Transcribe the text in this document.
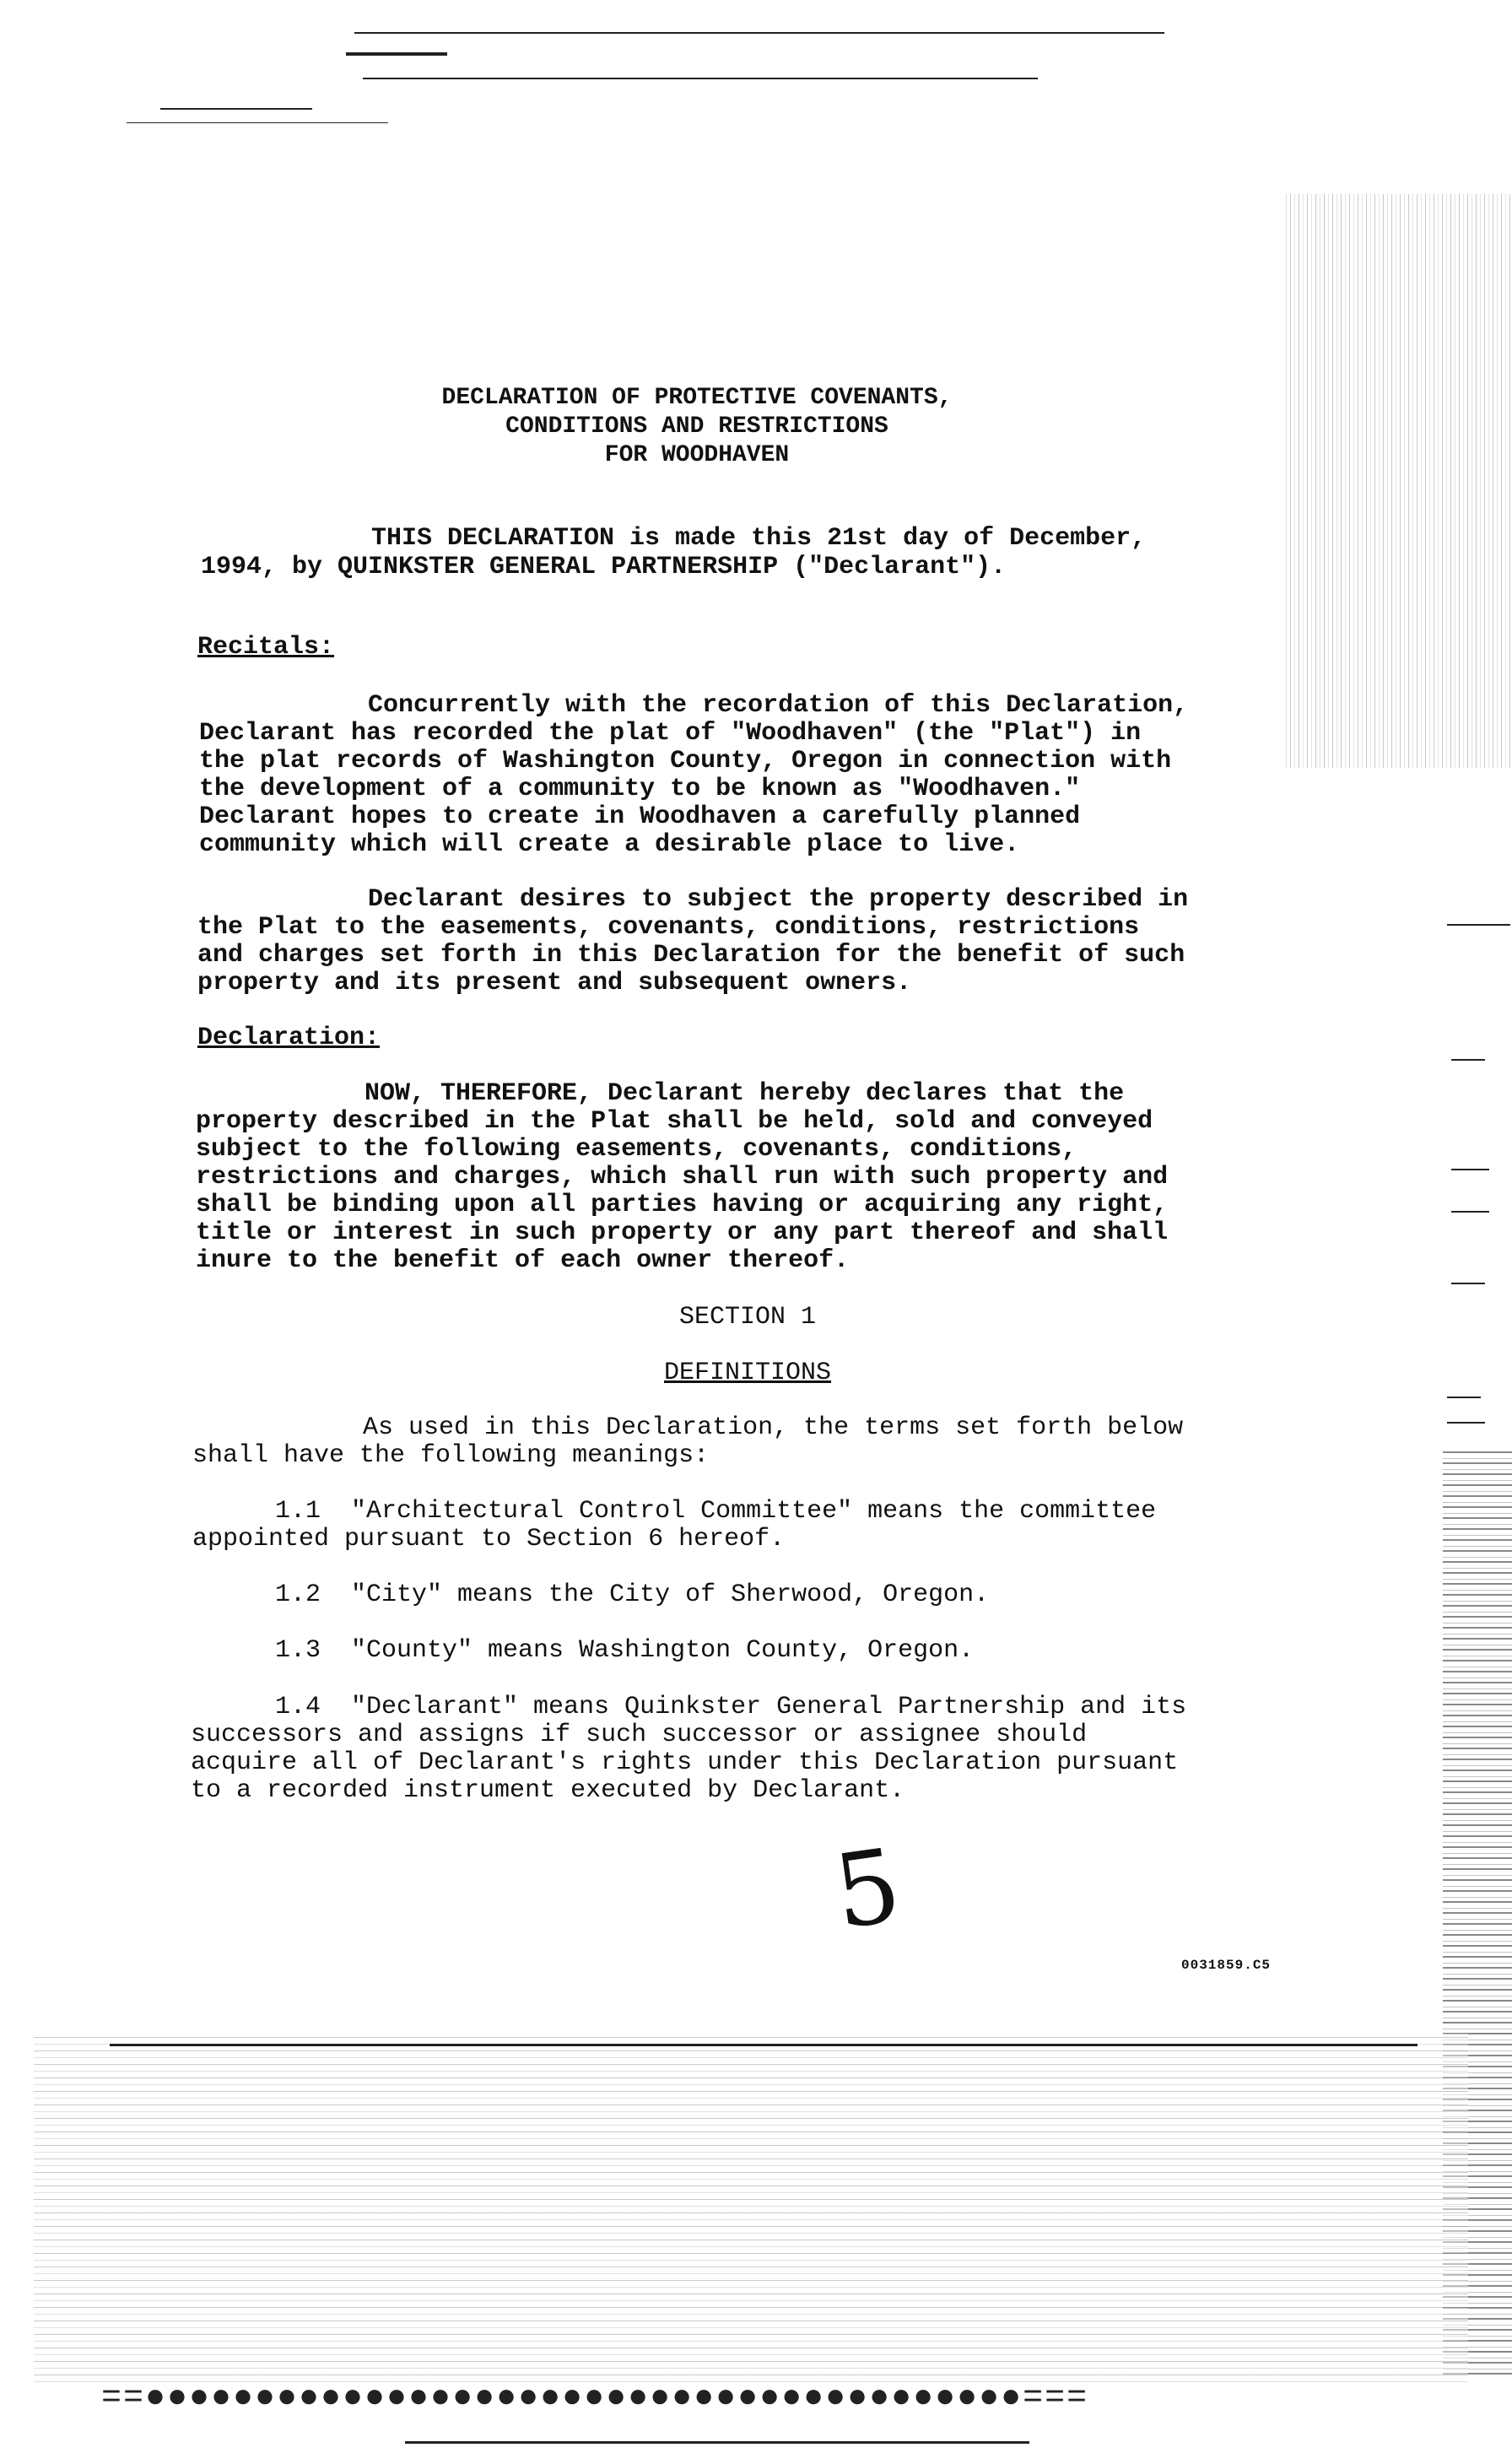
DECLARATION OF PROTECTIVE COVENANTS,
CONDITIONS AND RESTRICTIONS
FOR WOODHAVEN
THIS DECLARATION is made this 21st day of December,
1994, by QUINKSTER GENERAL PARTNERSHIP ("Declarant").
Recitals:
Concurrently with the recordation of this Declaration,
Declarant has recorded the plat of "Woodhaven" (the "Plat") in
the plat records of Washington County, Oregon in connection with
the development of a community to be known as "Woodhaven."
Declarant hopes to create in Woodhaven a carefully planned
community which will create a desirable place to live.
Declarant desires to subject the property described in
the Plat to the easements, covenants, conditions, restrictions
and charges set forth in this Declaration for the benefit of such
property and its present and subsequent owners.
Declaration:
NOW, THEREFORE, Declarant hereby declares that the
property described in the Plat shall be held, sold and conveyed
subject to the following easements, covenants, conditions,
restrictions and charges, which shall run with such property and
shall be binding upon all parties having or acquiring any right,
title or interest in such property or any part thereof and shall
inure to the benefit of each owner thereof.
SECTION 1
DEFINITIONS
As used in this Declaration, the terms set forth below
shall have the following meanings:
1.1  "Architectural Control Committee" means the committee
appointed pursuant to Section 6 hereof.
1.2  "City" means the City of Sherwood, Oregon.
1.3  "County" means Washington County, Oregon.
1.4  "Declarant" means Quinkster General Partnership and its
successors and assigns if such successor or assignee should
acquire all of Declarant's rights under this Declaration pursuant
to a recorded instrument executed by Declarant.
5
0031859.C5
==●●●●●●●●●●●●●●●●●●●●●●●●●●●●●●●●●●●●●●●●===
